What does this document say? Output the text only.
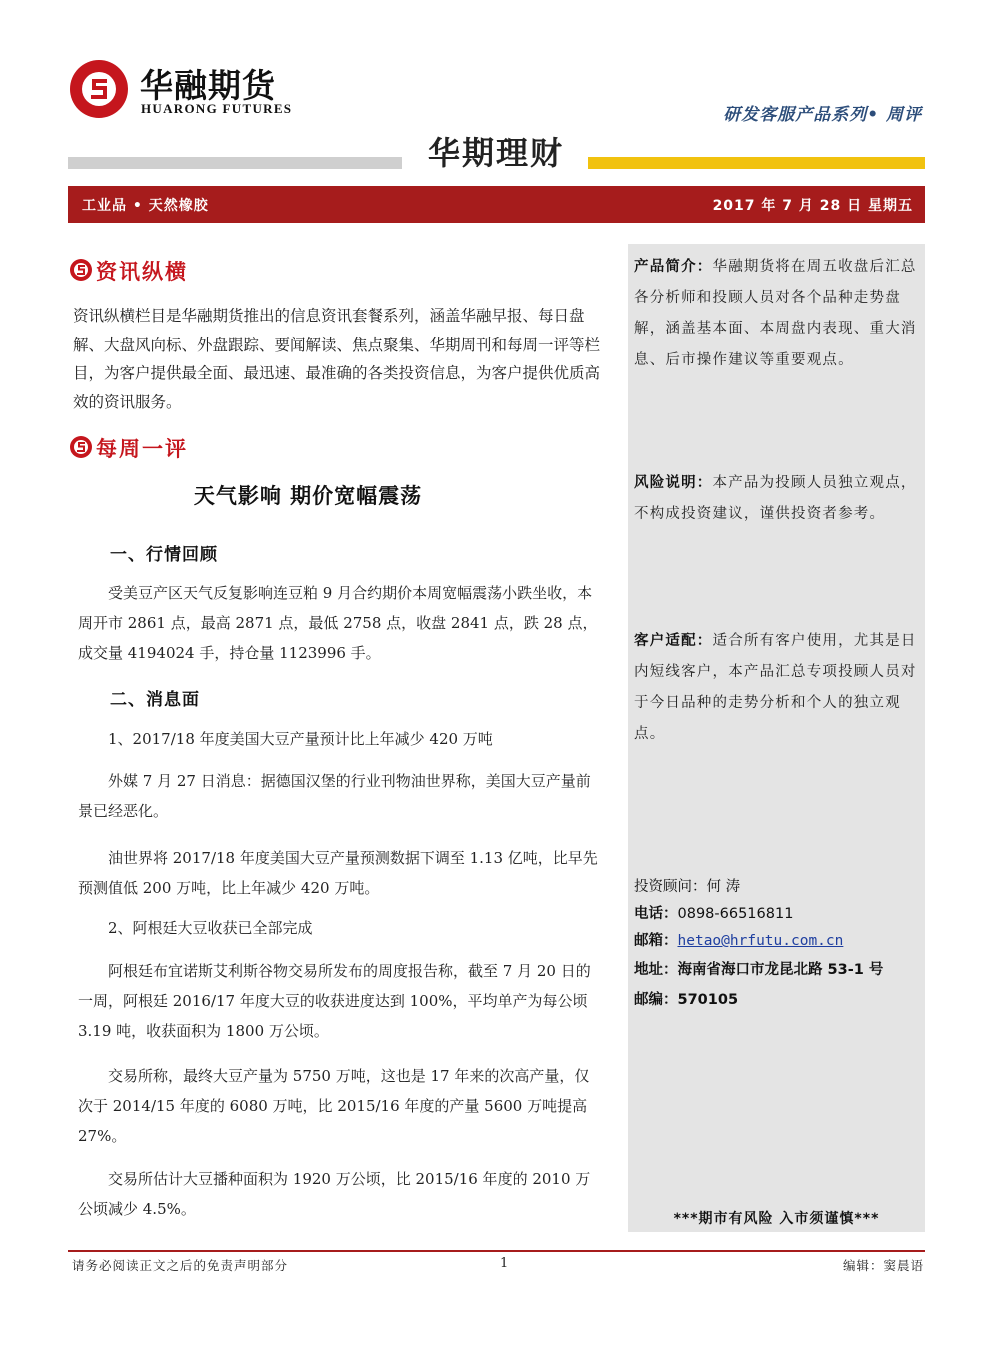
华融期货
HUARONG FUTURES	研发客服产品系列• 周评
华期理财
工业品 • 天然橡胶	2017 年 7 月 28 日 星期五
产品简介：华融期货将在周五收盘后汇总各分析师和投顾人员对各个品种走势盘解，涵盖基本面、本周盘内表现、重大消息、后市操作建议等重要观点。
风险说明：本产品为投顾人员独立观点，不构成投资建议，谨供投资者参考。
客户适配：适合所有客户使用，尤其是日内短线客户，本产品汇总专项投顾人员对于今日品种的走势分析和个人的独立观点。
投资顾问：何 涛
电话：0898-66516811
邮箱：hetao@hrfutu.com.cn
地址：海南省海口市龙昆北路 53-1 号
邮编：570105
***期市有风险 入市须谨慎***
资讯纵横
资讯纵横栏目是华融期货推出的信息资讯套餐系列，涵盖华融早报、每日盘解、大盘风向标、外盘跟踪、要闻解读、焦点聚集、华期周刊和每周一评等栏目，为客户提供最全面、最迅速、最准确的各类投资信息，为客户提供优质高效的资讯服务。
每周一评
天气影响 期价宽幅震荡
一、行情回顾
受美豆产区天气反复影响连豆粕 9 月合约期价本周宽幅震荡小跌坐收，本周开市 2861 点，最高 2871 点，最低 2758 点，收盘 2841 点，跌 28 点，成交量 4194024 手，持仓量 1123996 手。
二、消息面
1、2017/18 年度美国大豆产量预计比上年减少 420 万吨
外媒 7 月 27 日消息：据德国汉堡的行业刊物油世界称，美国大豆产量前景已经恶化。
油世界将 2017/18 年度美国大豆产量预测数据下调至 1.13 亿吨，比早先预测值低 200 万吨，比上年减少 420 万吨。
2、阿根廷大豆收获已全部完成
阿根廷布宜诺斯艾利斯谷物交易所发布的周度报告称，截至 7 月 20 日的一周，阿根廷 2016/17 年度大豆的收获进度达到 100%，平均单产为每公顷 3.19 吨，收获面积为 1800 万公顷。
交易所称，最终大豆产量为 5750 万吨，这也是 17 年来的次高产量，仅次于 2014/15 年度的 6080 万吨，比 2015/16 年度的产量 5600 万吨提高 27%。
交易所估计大豆播种面积为 1920 万公顷，比 2015/16 年度的 2010 万公顷减少 4.5%。
请务必阅读正文之后的免责声明部分	1	编辑：窦晨语
